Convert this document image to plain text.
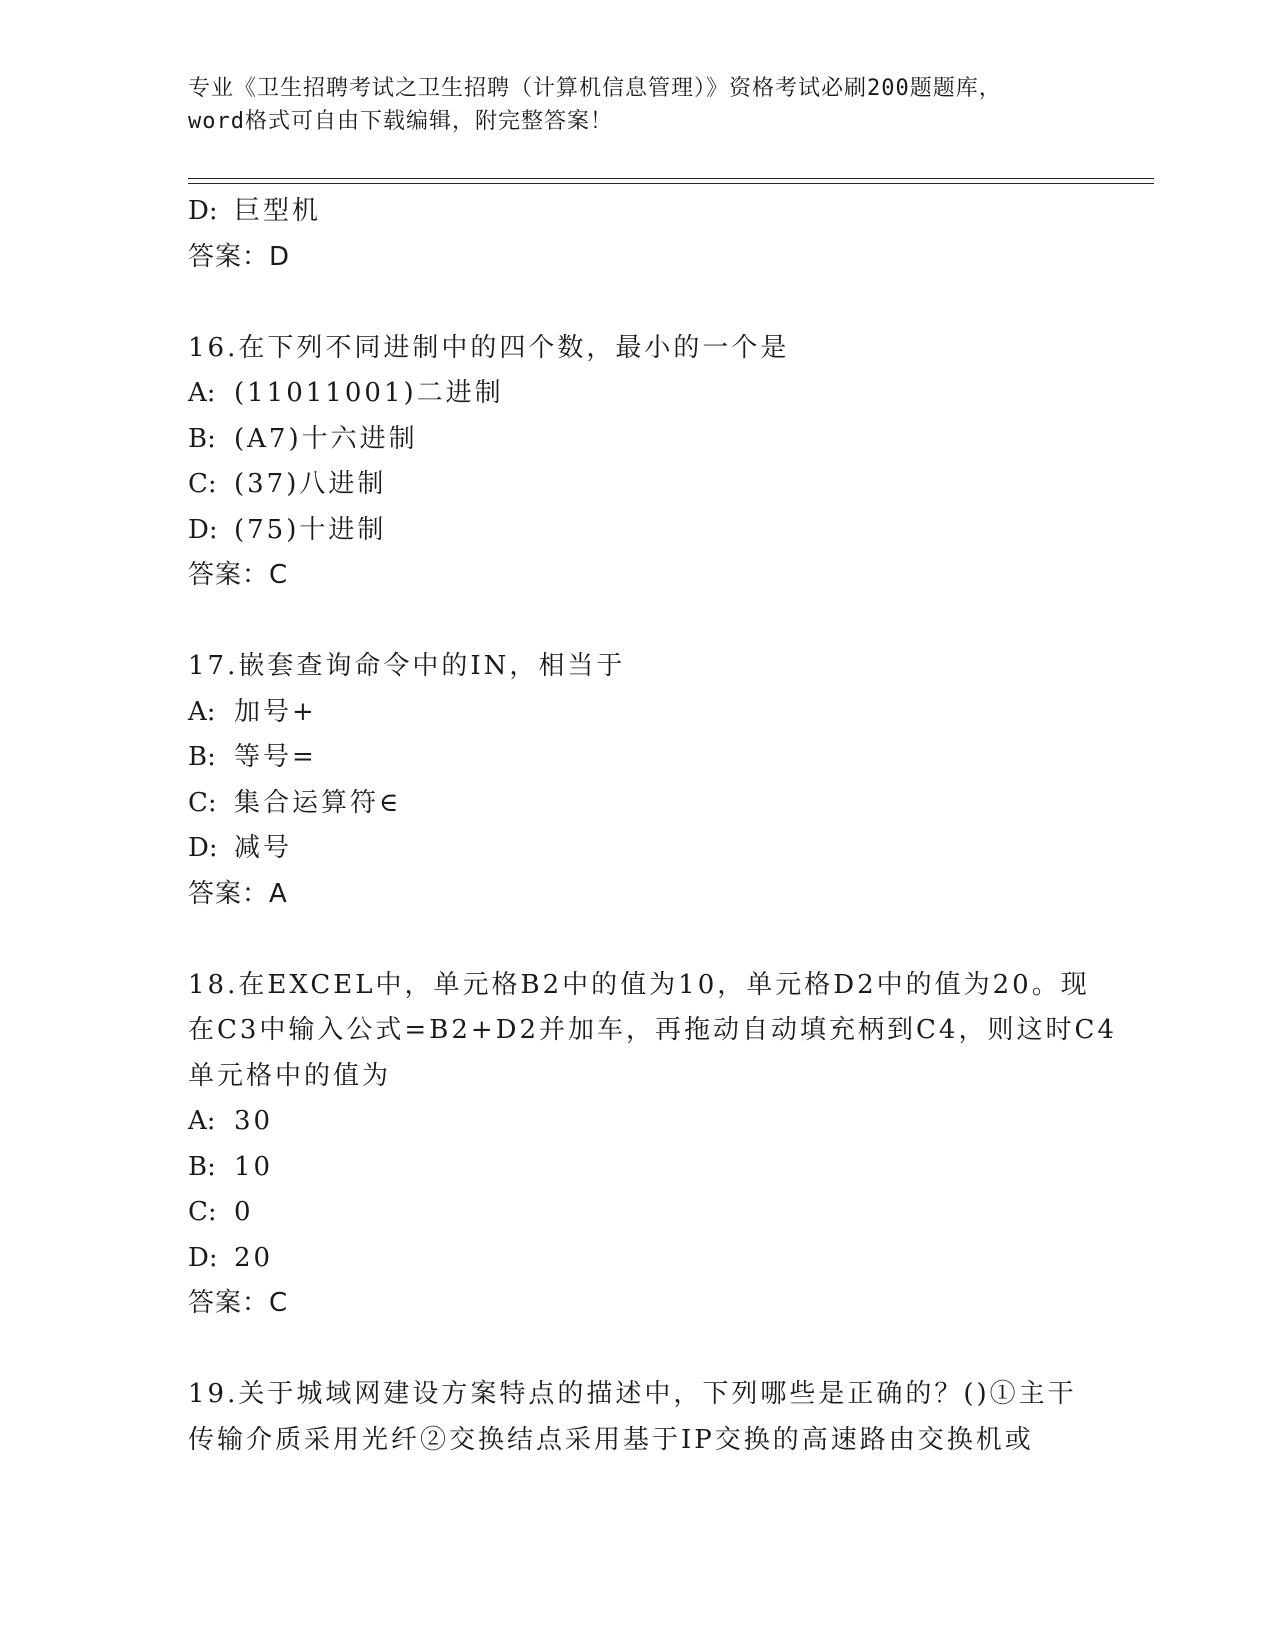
专业《卫生招聘考试之卫生招聘（计算机信息管理）》资格考试必刷200题题库，
word格式可自由下载编辑，附完整答案！
D: 巨型机
答案：D
16.在下列不同进制中的四个数，最小的一个是
A: (11011001)二进制
B: (A7)十六进制
C: (37)八进制
D: (75)十进制
答案：C
17.嵌套查询命令中的IN，相当于
A: 加号+
B: 等号=
C: 集合运算符∈
D: 减号
答案：A
18.在EXCEL中，单元格B2中的值为10，单元格D2中的值为20。现
在C3中输入公式=B2+D2并加车，再拖动自动填充柄到C4，则这时C4
单元格中的值为
A: 30
B: 10
C: 0
D: 20
答案：C
19.关于城域网建设方案特点的描述中，下列哪些是正确的？()①主干
传输介质采用光纤②交换结点采用基于IP交换的高速路由交换机或
